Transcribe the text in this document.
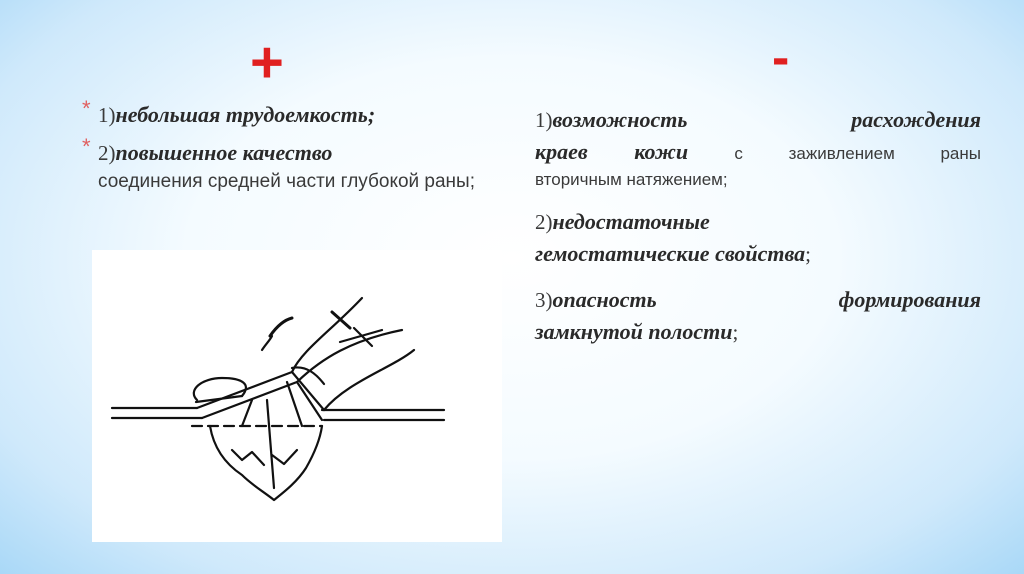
+	-
* 1)небольшая трудоемкость;
* 2)повышенное качество
соединения средней части глубокой раны;
1)возможность	расхождения
краев кожи	с заживлением раны
вторичным натяжением;
2)недостаточные
гемостатические свойства;
3)опасность	формирования
замкнутой полости;
